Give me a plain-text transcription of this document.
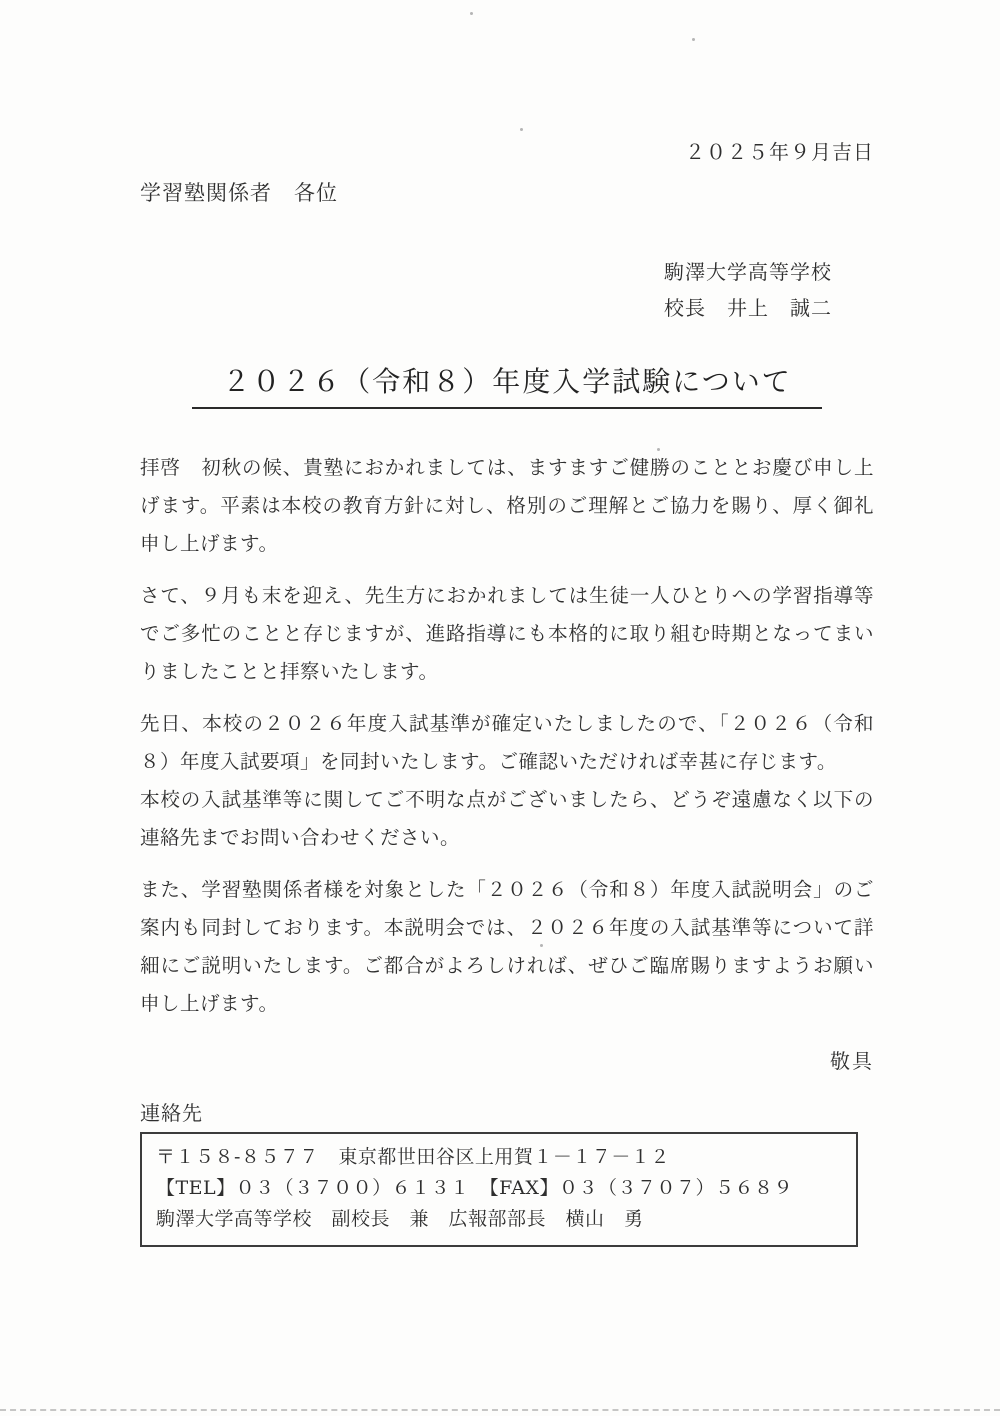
２０２５年９月吉日
学習塾関係者　各位
駒澤大学高等学校
校長　井上　誠二
２０２６（令和８）年度入学試験について

拝啓　初秋の候、貴塾におかれましては、ますますご健勝のこととお慶び申し上げます。平素は本校の教育方針に対し、格別のご理解とご協力を賜り、厚く御礼申し上げます。

さて、９月も末を迎え、先生方におかれましては生徒一人ひとりへの学習指導等でご多忙のことと存じますが、進路指導にも本格的に取り組む時期となってまいりましたことと拝察いたします。

先日、本校の２０２６年度入試基準が確定いたしましたので、「２０２６（令和８）年度入試要項」を同封いたします。ご確認いただければ幸甚に存じます。

本校の入試基準等に関してご不明な点がございましたら、どうぞ遠慮なく以下の連絡先までお問い合わせください。

また、学習塾関係者様を対象とした「２０２６（令和８）年度入試説明会」のご案内も同封しております。本説明会では、２０２６年度の入試基準等について詳細にご説明いたします。ご都合がよろしければ、ぜひご臨席賜りますようお願い申し上げます。

敬具
連絡先
〒１５８-８５７７　東京都世田谷区上用賀１－１７－１２
【TEL】０３（３７００）６１３１　【FAX】０３（３７０７）５６８９
駒澤大学高等学校　副校長　兼　広報部部長　横山　勇
